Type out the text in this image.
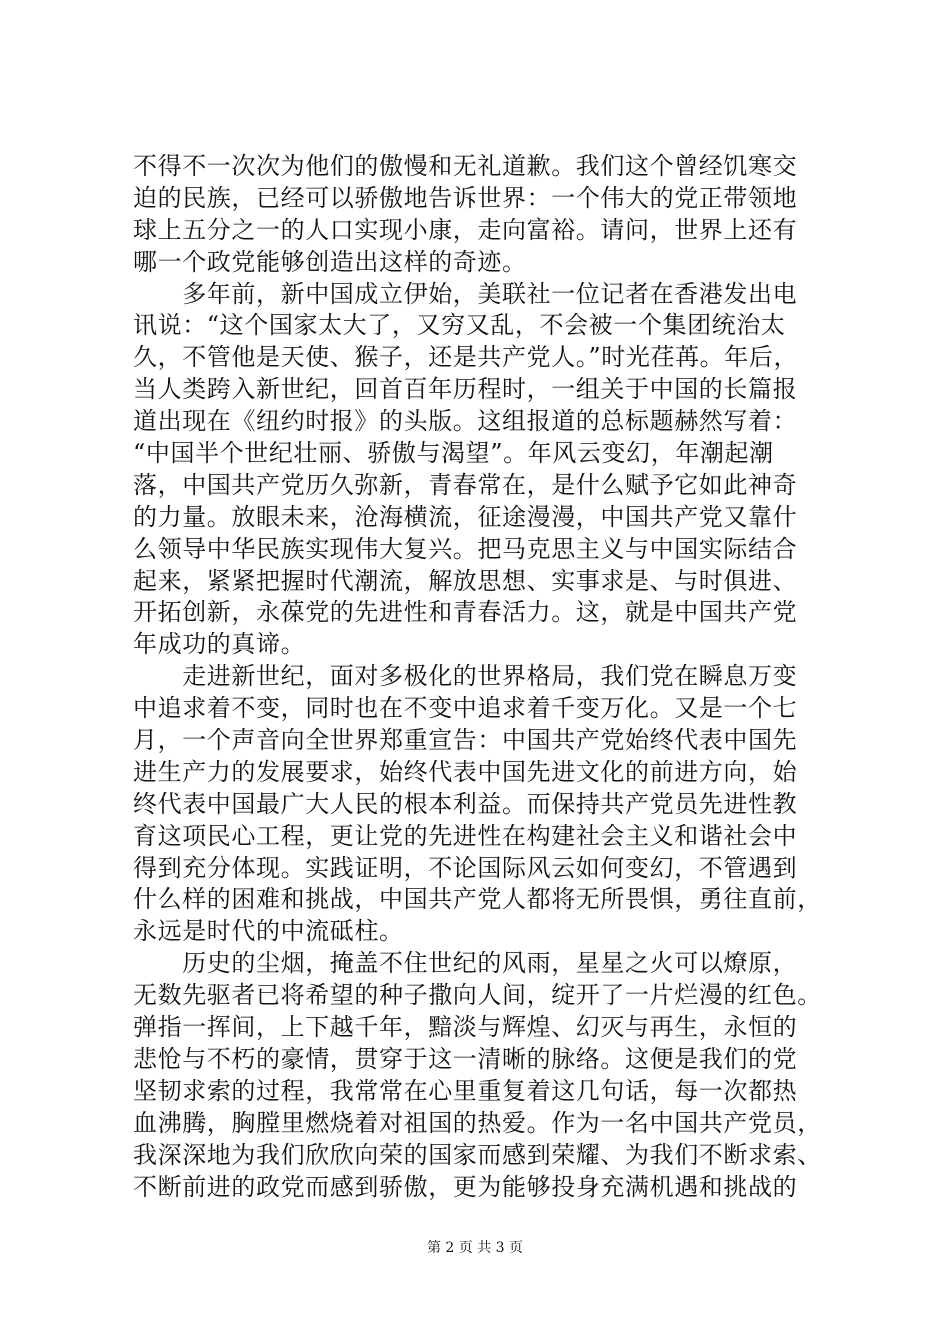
不得不一次次为他们的傲慢和无礼道歉。我们这个曾经饥寒交
迫的民族，已经可以骄傲地告诉世界：一个伟大的党正带领地
球上五分之一的人口实现小康，走向富裕。请问，世界上还有
哪一个政党能够创造出这样的奇迹。
　　多年前，新中国成立伊始，美联社一位记者在香港发出电
讯说：“这个国家太大了，又穷又乱，不会被一个集团统治太
久，不管他是天使、猴子，还是共产党人。”时光荏苒。年后，
当人类跨入新世纪，回首百年历程时，一组关于中国的长篇报
道出现在《纽约时报》的头版。这组报道的总标题赫然写着：
“中国半个世纪壮丽、骄傲与渴望”。年风云变幻，年潮起潮
落，中国共产党历久弥新，青春常在，是什么赋予它如此神奇
的力量。放眼未来，沧海横流，征途漫漫，中国共产党又靠什
么领导中华民族实现伟大复兴。把马克思主义与中国实际结合
起来，紧紧把握时代潮流，解放思想、实事求是、与时俱进、
开拓创新，永葆党的先进性和青春活力。这，就是中国共产党
年成功的真谛。
　　走进新世纪，面对多极化的世界格局，我们党在瞬息万变
中追求着不变，同时也在不变中追求着千变万化。又是一个七
月，一个声音向全世界郑重宣告：中国共产党始终代表中国先
进生产力的发展要求，始终代表中国先进文化的前进方向，始
终代表中国最广大人民的根本利益。而保持共产党员先进性教
育这项民心工程，更让党的先进性在构建社会主义和谐社会中
得到充分体现。实践证明，不论国际风云如何变幻，不管遇到
什么样的困难和挑战，中国共产党人都将无所畏惧，勇往直前，
永远是时代的中流砥柱。
　　历史的尘烟，掩盖不住世纪的风雨，星星之火可以燎原，
无数先驱者已将希望的种子撒向人间，绽开了一片烂漫的红色。
弹指一挥间，上下越千年，黯淡与辉煌、幻灭与再生，永恒的
悲怆与不朽的豪情，贯穿于这一清晰的脉络。这便是我们的党
坚韧求索的过程，我常常在心里重复着这几句话，每一次都热
血沸腾，胸膛里燃烧着对祖国的热爱。作为一名中国共产党员，
我深深地为我们欣欣向荣的国家而感到荣耀、为我们不断求索、
不断前进的政党而感到骄傲，更为能够投身充满机遇和挑战的
第 2 页 共 3 页
